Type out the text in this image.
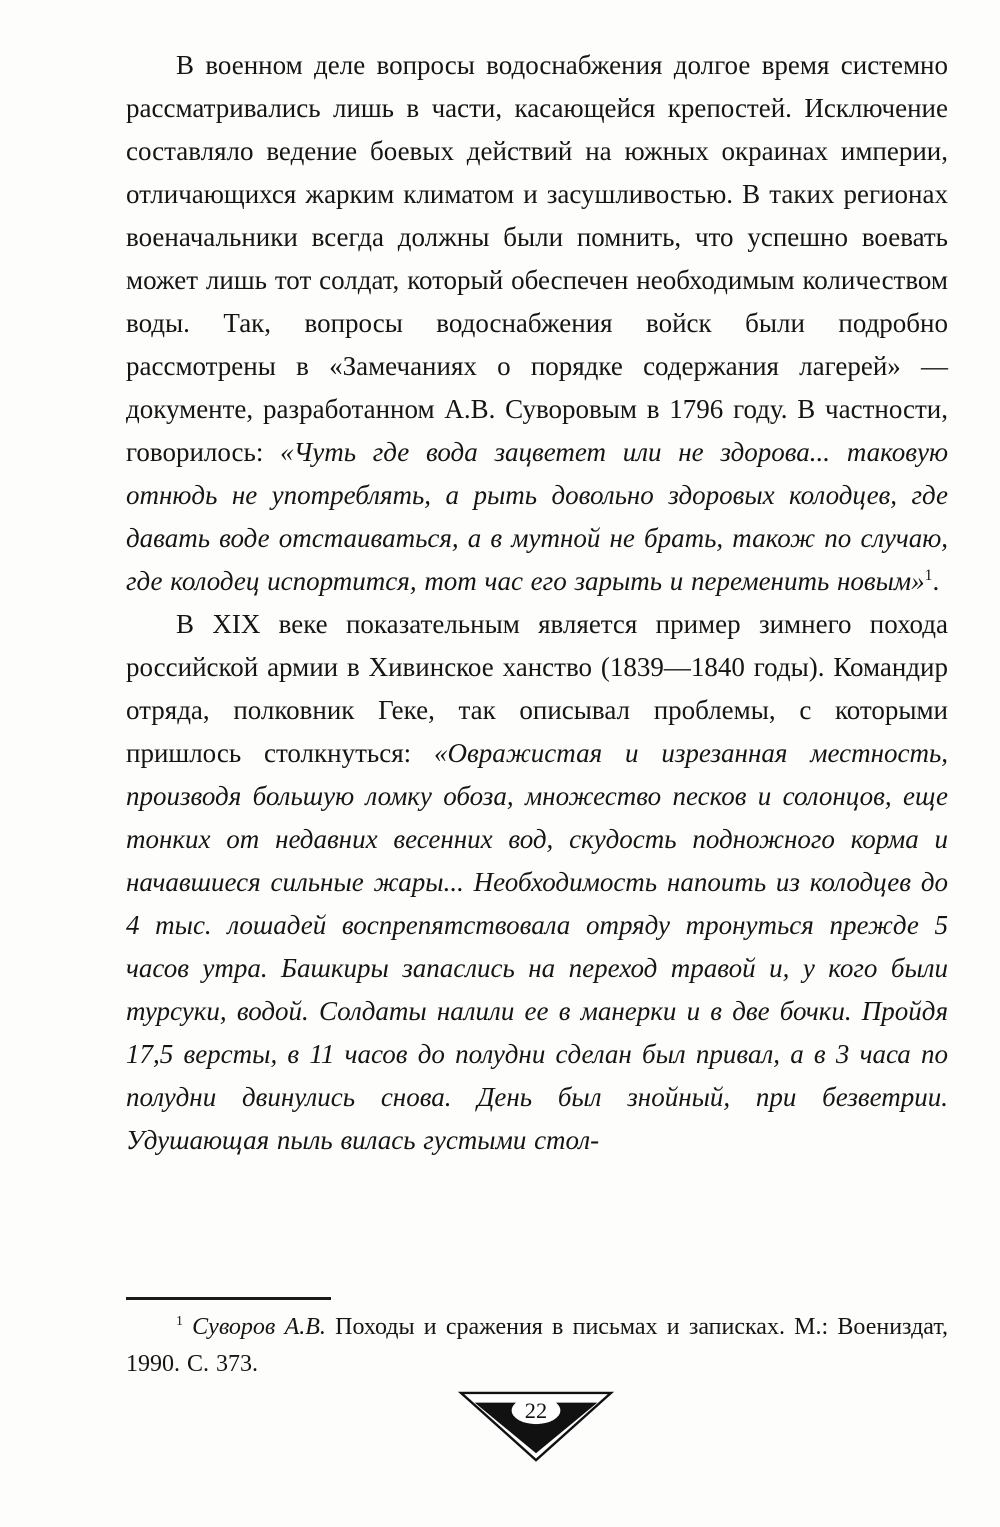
В военном деле вопросы водоснабжения долгое время системно рассматривались лишь в части, касающейся крепостей. Исключение составляло ведение боевых действий на южных окраинах империи, отличающихся жарким климатом и засушливостью. В таких регионах военачальники всегда должны были помнить, что успешно воевать может лишь тот солдат, который обеспечен необходимым количеством воды. Так, вопросы водоснабжения войск были подробно рассмотрены в «Замечаниях о порядке содержания лагерей» — документе, разработанном А.В. Суворовым в 1796 году. В частности, говорилось: «Чуть где вода зацветет или не здорова... таковую отнюдь не употреблять, а рыть довольно здоровых колодцев, где давать воде отстаиваться, а в мутной не брать, також по случаю, где колодец испортится, тот час его зарыть и переменить новым»$^1$.

В XIX веке показательным является пример зимнего похода российской армии в Хивинское ханство (1839—1840 годы). Командир отряда, полковник Геке, так описывал проблемы, с которыми пришлось столкнуться: «Овражистая и изрезанная местность, производя большую ломку обоза, множество песков и солонцов, еще тонких от недавних весенних вод, скудость подножного корма и начавшиеся сильные жары... Необходимость напоить из колодцев до 4 тыс. лошадей воспрепятствовала отряду тронуться прежде 5 часов утра. Башкиры запаслись на переход травой и, у кого были турсуки, водой. Солдаты налили ее в манерки и в две бочки. Пройдя 17,5 версты, в 11 часов до полудни сделан был привал, а в 3 часа по полудни двинулись снова. День был знойный, при безветрии. Удушающая пыль вилась густыми стол-

$^1$ Суворов А.В. Походы и сражения в письмах и записках. М.: Воениздат, 1990. С. 373.

22
